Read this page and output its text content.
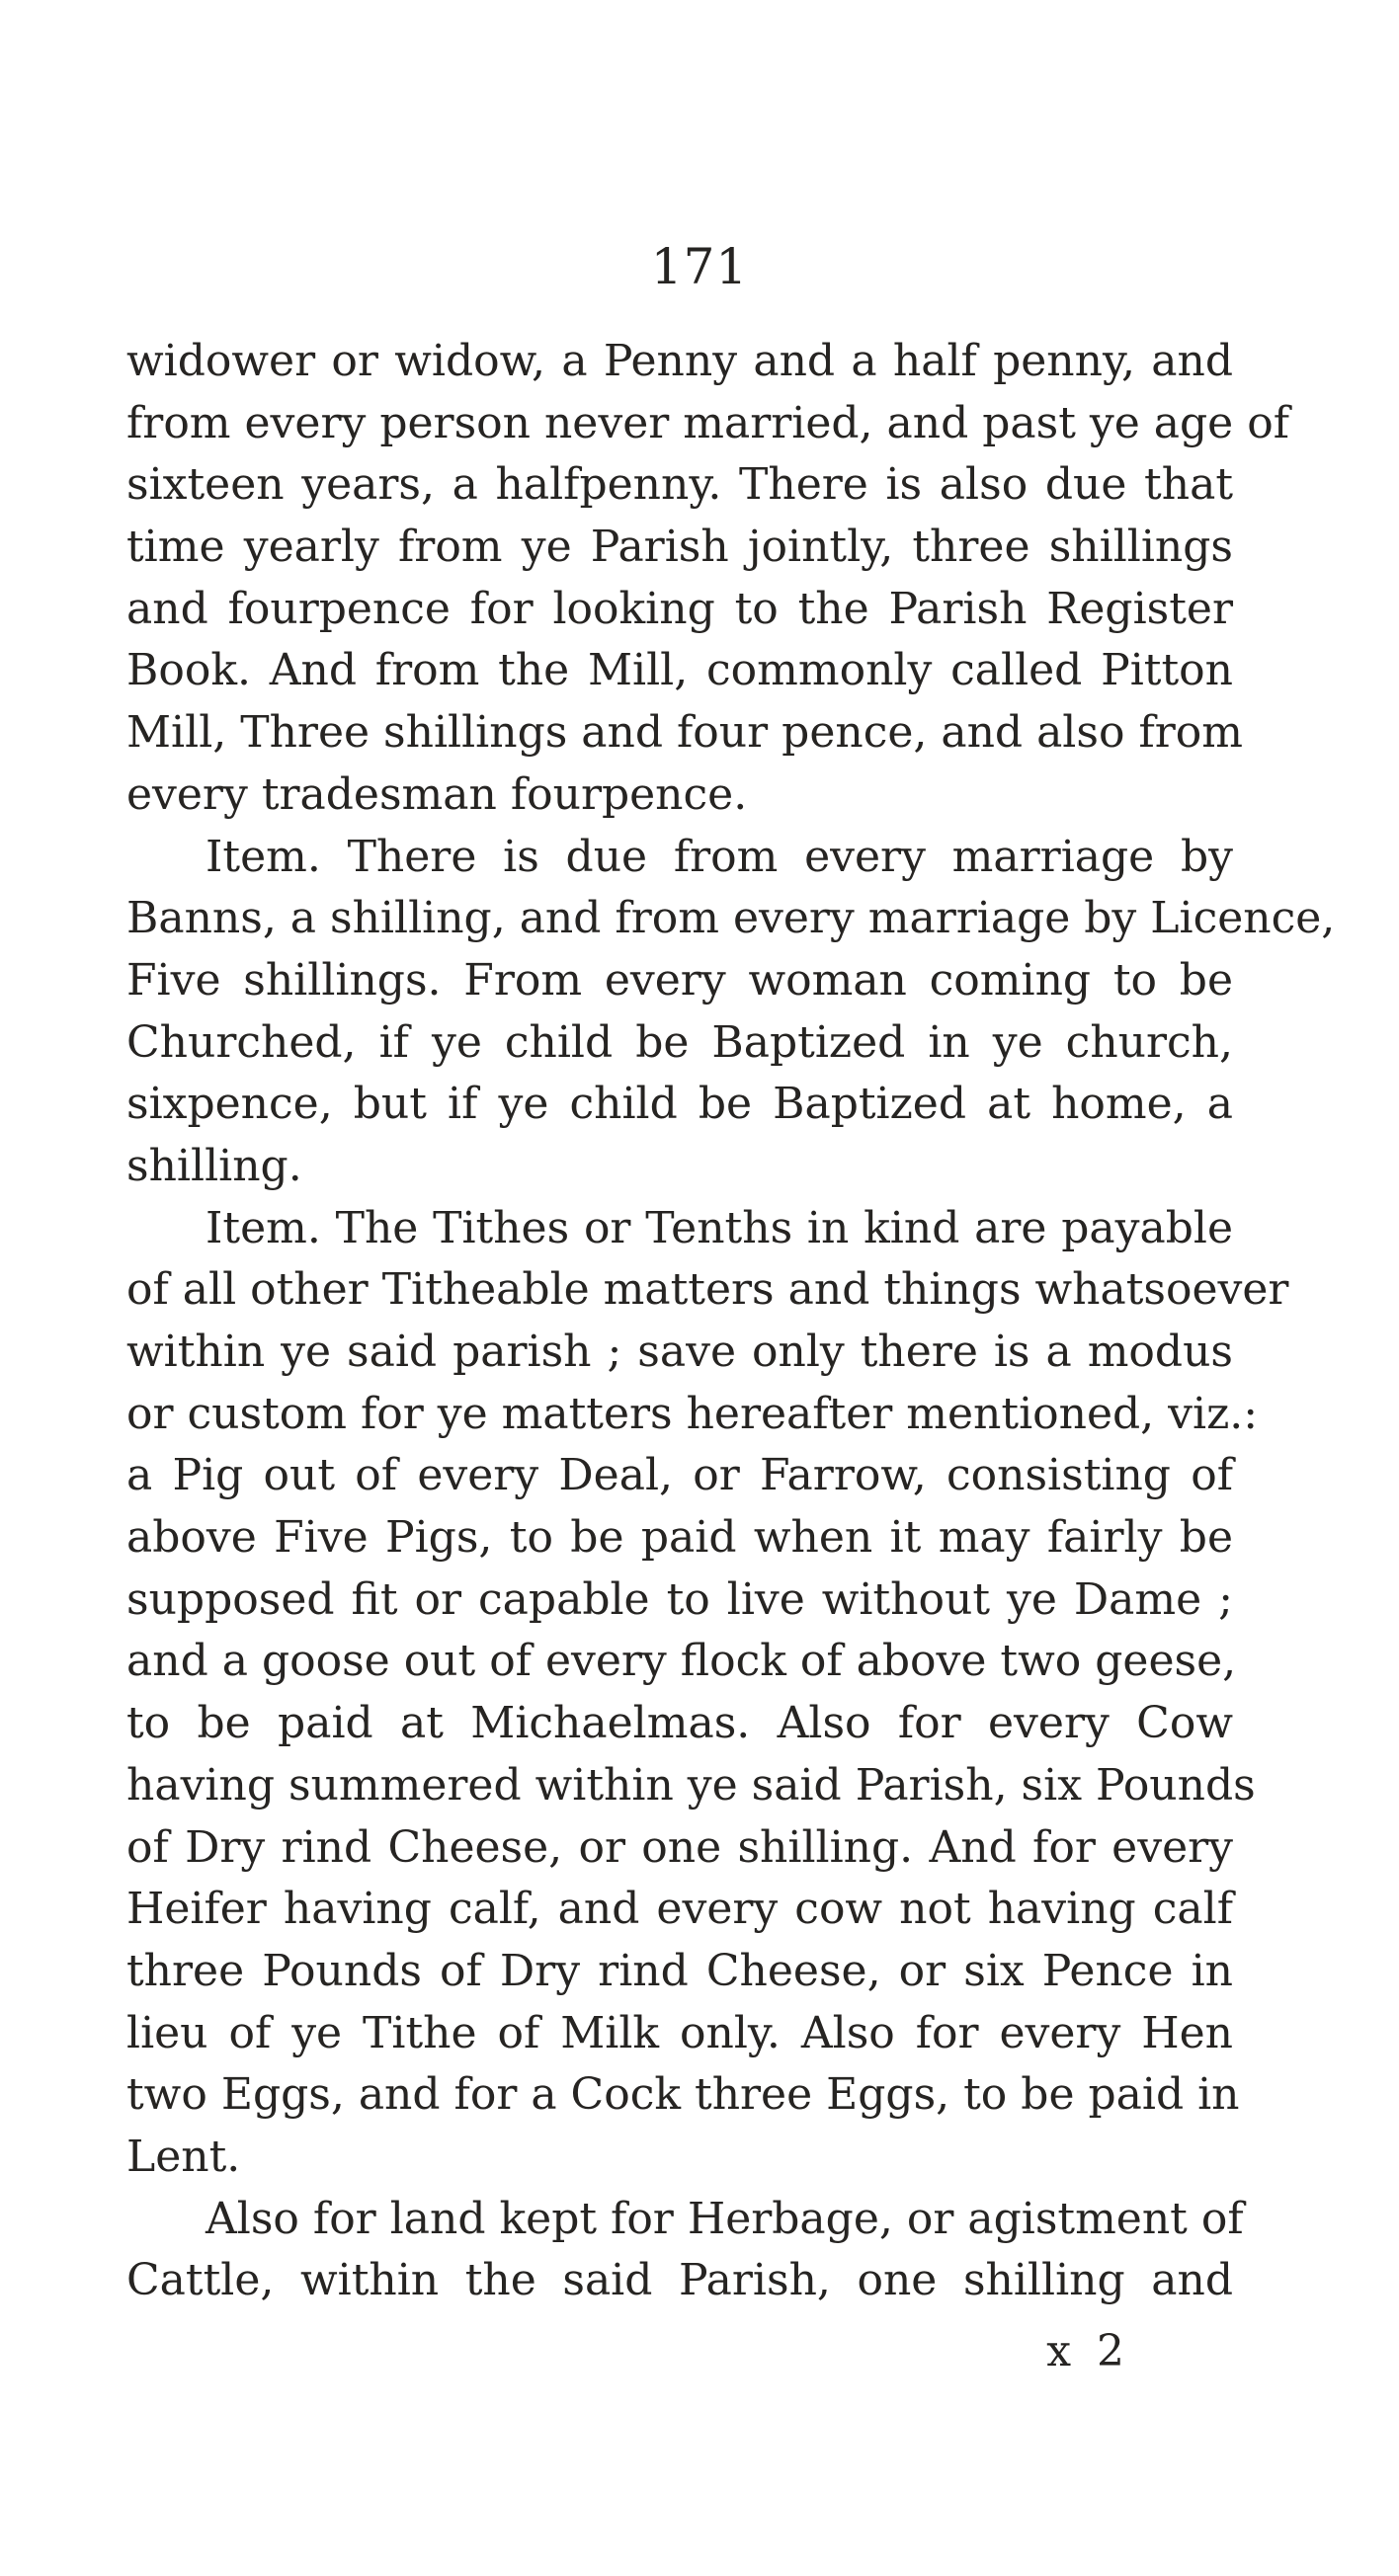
171
widower or widow, a Penny and a half penny, and
from every person never married, and past ye age of
sixteen years, a halfpenny. There is also due that
time yearly from ye Parish jointly, three shillings
and fourpence for looking to the Parish Register
Book. And from the Mill, commonly called Pitton
Mill, Three shillings and four pence, and also from
every tradesman fourpence.
Item. There is due from every marriage by
Banns, a shilling, and from every marriage by Licence,
Five shillings. From every woman coming to be
Churched, if ye child be Baptized in ye church,
sixpence, but if ye child be Baptized at home, a
shilling.
Item. The Tithes or Tenths in kind are payable
of all other Titheable matters and things whatsoever
within ye said parish ; save only there is a modus
or custom for ye matters hereafter mentioned, viz.:
a Pig out of every Deal, or Farrow, consisting of
above Five Pigs, to be paid when it may fairly be
supposed fit or capable to live without ye Dame ;
and a goose out of every flock of above two geese,
to be paid at Michaelmas. Also for every Cow
having summered within ye said Parish, six Pounds
of Dry rind Cheese, or one shilling. And for every
Heifer having calf, and every cow not having calf
three Pounds of Dry rind Cheese, or six Pence in
lieu of ye Tithe of Milk only. Also for every Hen
two Eggs, and for a Cock three Eggs, to be paid in
Lent.
Also for land kept for Herbage, or agistment of
Cattle, within the said Parish, one shilling and
x 2
